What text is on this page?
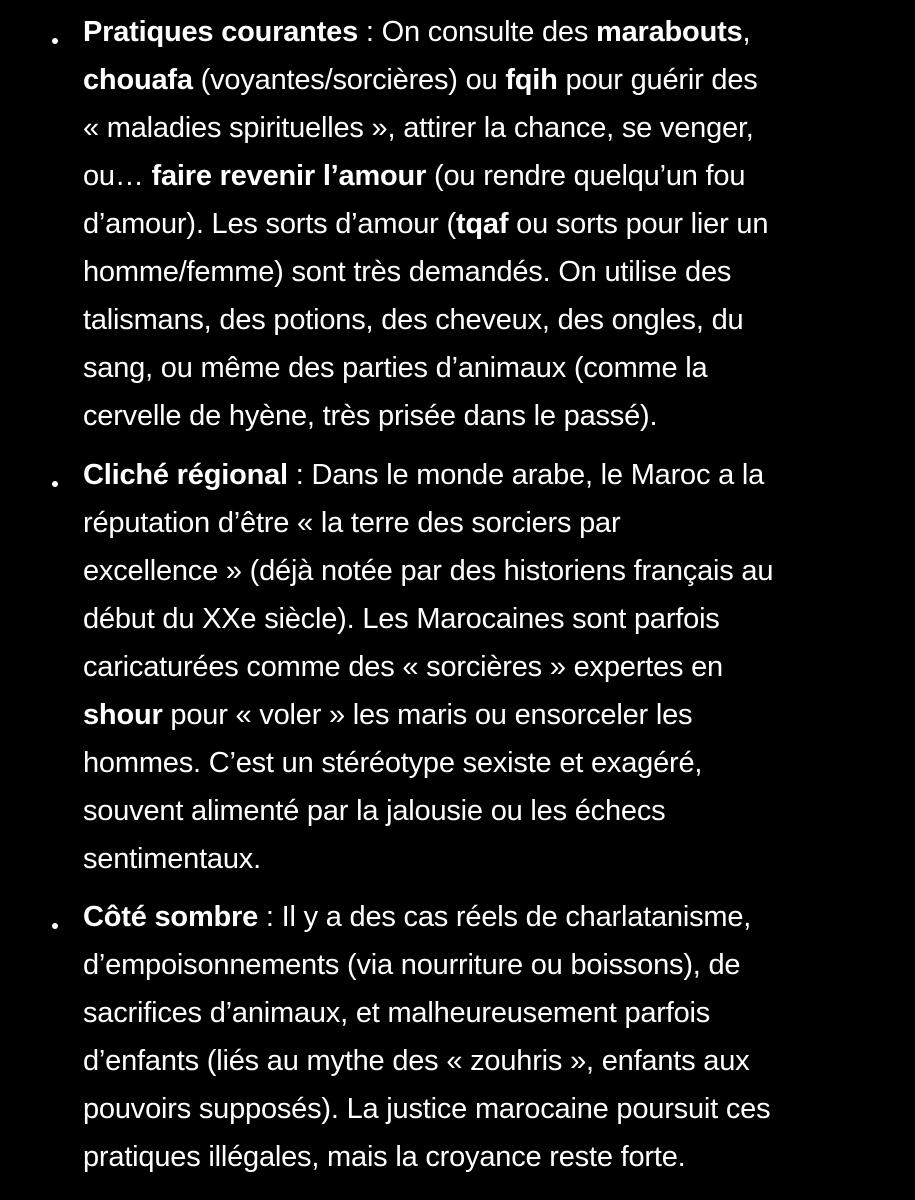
Pratiques courantes : On consulte des marabouts,
chouafa (voyantes/sorcières) ou fqih pour guérir des
« maladies spirituelles », attirer la chance, se venger,
ou… faire revenir l’amour (ou rendre quelqu’un fou
d’amour). Les sorts d’amour (tqaf ou sorts pour lier un
homme/femme) sont très demandés. On utilise des
talismans, des potions, des cheveux, des ongles, du
sang, ou même des parties d’animaux (comme la
cervelle de hyène, très prisée dans le passé).

Cliché régional : Dans le monde arabe, le Maroc a la
réputation d’être « la terre des sorciers par
excellence » (déjà notée par des historiens français au
début du XXe siècle). Les Marocaines sont parfois
caricaturées comme des « sorcières » expertes en
shour pour « voler » les maris ou ensorceler les
hommes. C’est un stéréotype sexiste et exagéré,
souvent alimenté par la jalousie ou les échecs
sentimentaux.

Côté sombre : Il y a des cas réels de charlatanisme,
d’empoisonnements (via nourriture ou boissons), de
sacrifices d’animaux, et malheureusement parfois
d’enfants (liés au mythe des « zouhris », enfants aux
pouvoirs supposés). La justice marocaine poursuit ces
pratiques illégales, mais la croyance reste forte.
